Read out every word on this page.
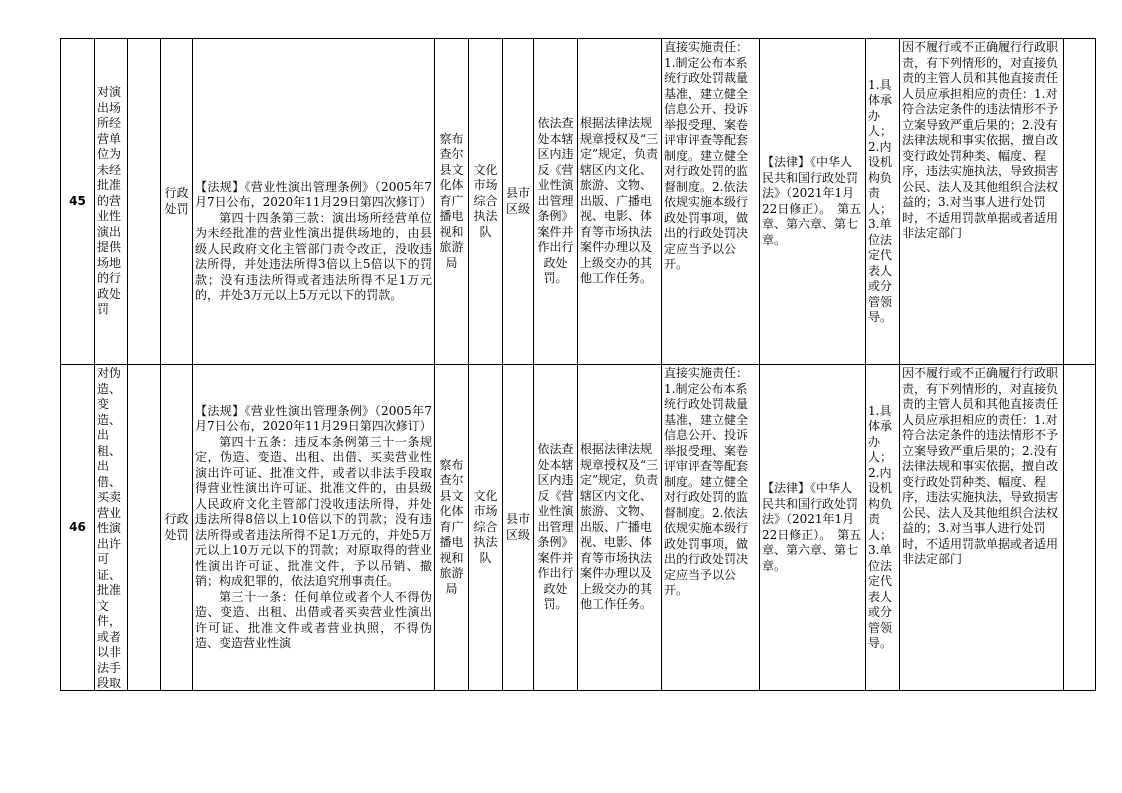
45	对演出场所经营单位为未经批准的营业性演出提供场地的行政处罚		行政处罚	【法规】《营业性演出管理条例》（2005年7月7日公布，2020年11月29日第四次修订）
第四十四条第三款：演出场所经营单位为未经批准的营业性演出提供场地的，由县级人民政府文化主管部门责令改正，没收违法所得，并处违法所得3倍以上5倍以下的罚款；没有违法所得或者违法所得不足1万元的，并处3万元以上5万元以下的罚款。	察布查尔县文化体育广播电视和旅游局	文化市场综合执法队	县市区级	依法查处本辖区内违反《营业性演出管理条例》案件并作出行政处罚。	根据法律法规规章授权及“三定”规定，负责辖区内文化、旅游、文物、出版、广播电视、电影、体育等市场执法案件办理以及上级交办的其他工作任务。	直接实施责任：1.制定公布本系统行政处罚裁量基准，建立健全信息公开、投诉举报受理、案卷评审评查等配套制度。建立健全对行政处罚的监督制度。2.依法依规实施本级行政处罚事项，做出的行政处罚决定应当予以公开。	【法律】《中华人民共和国行政处罚法》（2021年1月22日修正）。　第五章、第六章、第七章。	1.具体承办人；2.内设机构负责人；3.单位法定代表人或分管领导。	因不履行或不正确履行行政职责，有下列情形的，对直接负责的主管人员和其他直接责任人员应承担相应的责任：1.对符合法定条件的违法情形不予立案导致严重后果的；2.没有法律法规和事实依据，擅自改变行政处罚种类、幅度、程序，违法实施执法，导致损害公民、法人及其他组织合法权益的；3.对当事人进行处罚时，不适用罚款单据或者适用非法定部门	

46	对伪造、变造、出租、出借、买卖营业性演出许可证、批准文件，或者以非法手段取		行政处罚	【法规】《营业性演出管理条例》（2005年7月7日公布，2020年11月29日第四次修订）
第四十五条：违反本条例第三十一条规定，伪造、变造、出租、出借、买卖营业性演出许可证、批准文件，或者以非法手段取得营业性演出许可证、批准文件的，由县级人民政府文化主管部门没收违法所得，并处违法所得8倍以上10倍以下的罚款；没有违法所得或者违法所得不足1万元的，并处5万元以上10万元以下的罚款；对原取得的营业性演出许可证、批准文件，予以吊销、撤销；构成犯罪的，依法追究刑事责任。
第三十一条：任何单位或者个人不得伪造、变造、出租、出借或者买卖营业性演出许可证、批准文件或者营业执照，不得伪造、变造营业性演	察布查尔县文化体育广播电视和旅游局	文化市场综合执法队	县市区级	依法查处本辖区内违反《营业性演出管理条例》案件并作出行政处罚。	根据法律法规规章授权及“三定”规定，负责辖区内文化、旅游、文物、出版、广播电视、电影、体育等市场执法案件办理以及上级交办的其他工作任务。	直接实施责任：1.制定公布本系统行政处罚裁量基准，建立健全信息公开、投诉举报受理、案卷评审评查等配套制度。建立健全对行政处罚的监督制度。2.依法依规实施本级行政处罚事项，做出的行政处罚决定应当予以公开。	【法律】《中华人民共和国行政处罚法》（2021年1月22日修正）。　第五章、第六章、第七章。	1.具体承办人；2.内设机构负责人；3.单位法定代表人或分管领导。	因不履行或不正确履行行政职责，有下列情形的，对直接负责的主管人员和其他直接责任人员应承担相应的责任：1.对符合法定条件的违法情形不予立案导致严重后果的；2.没有法律法规和事实依据，擅自改变行政处罚种类、幅度、程序，违法实施执法，导致损害公民、法人及其他组织合法权益的；3.对当事人进行处罚时，不适用罚款单据或者适用非法定部门	
